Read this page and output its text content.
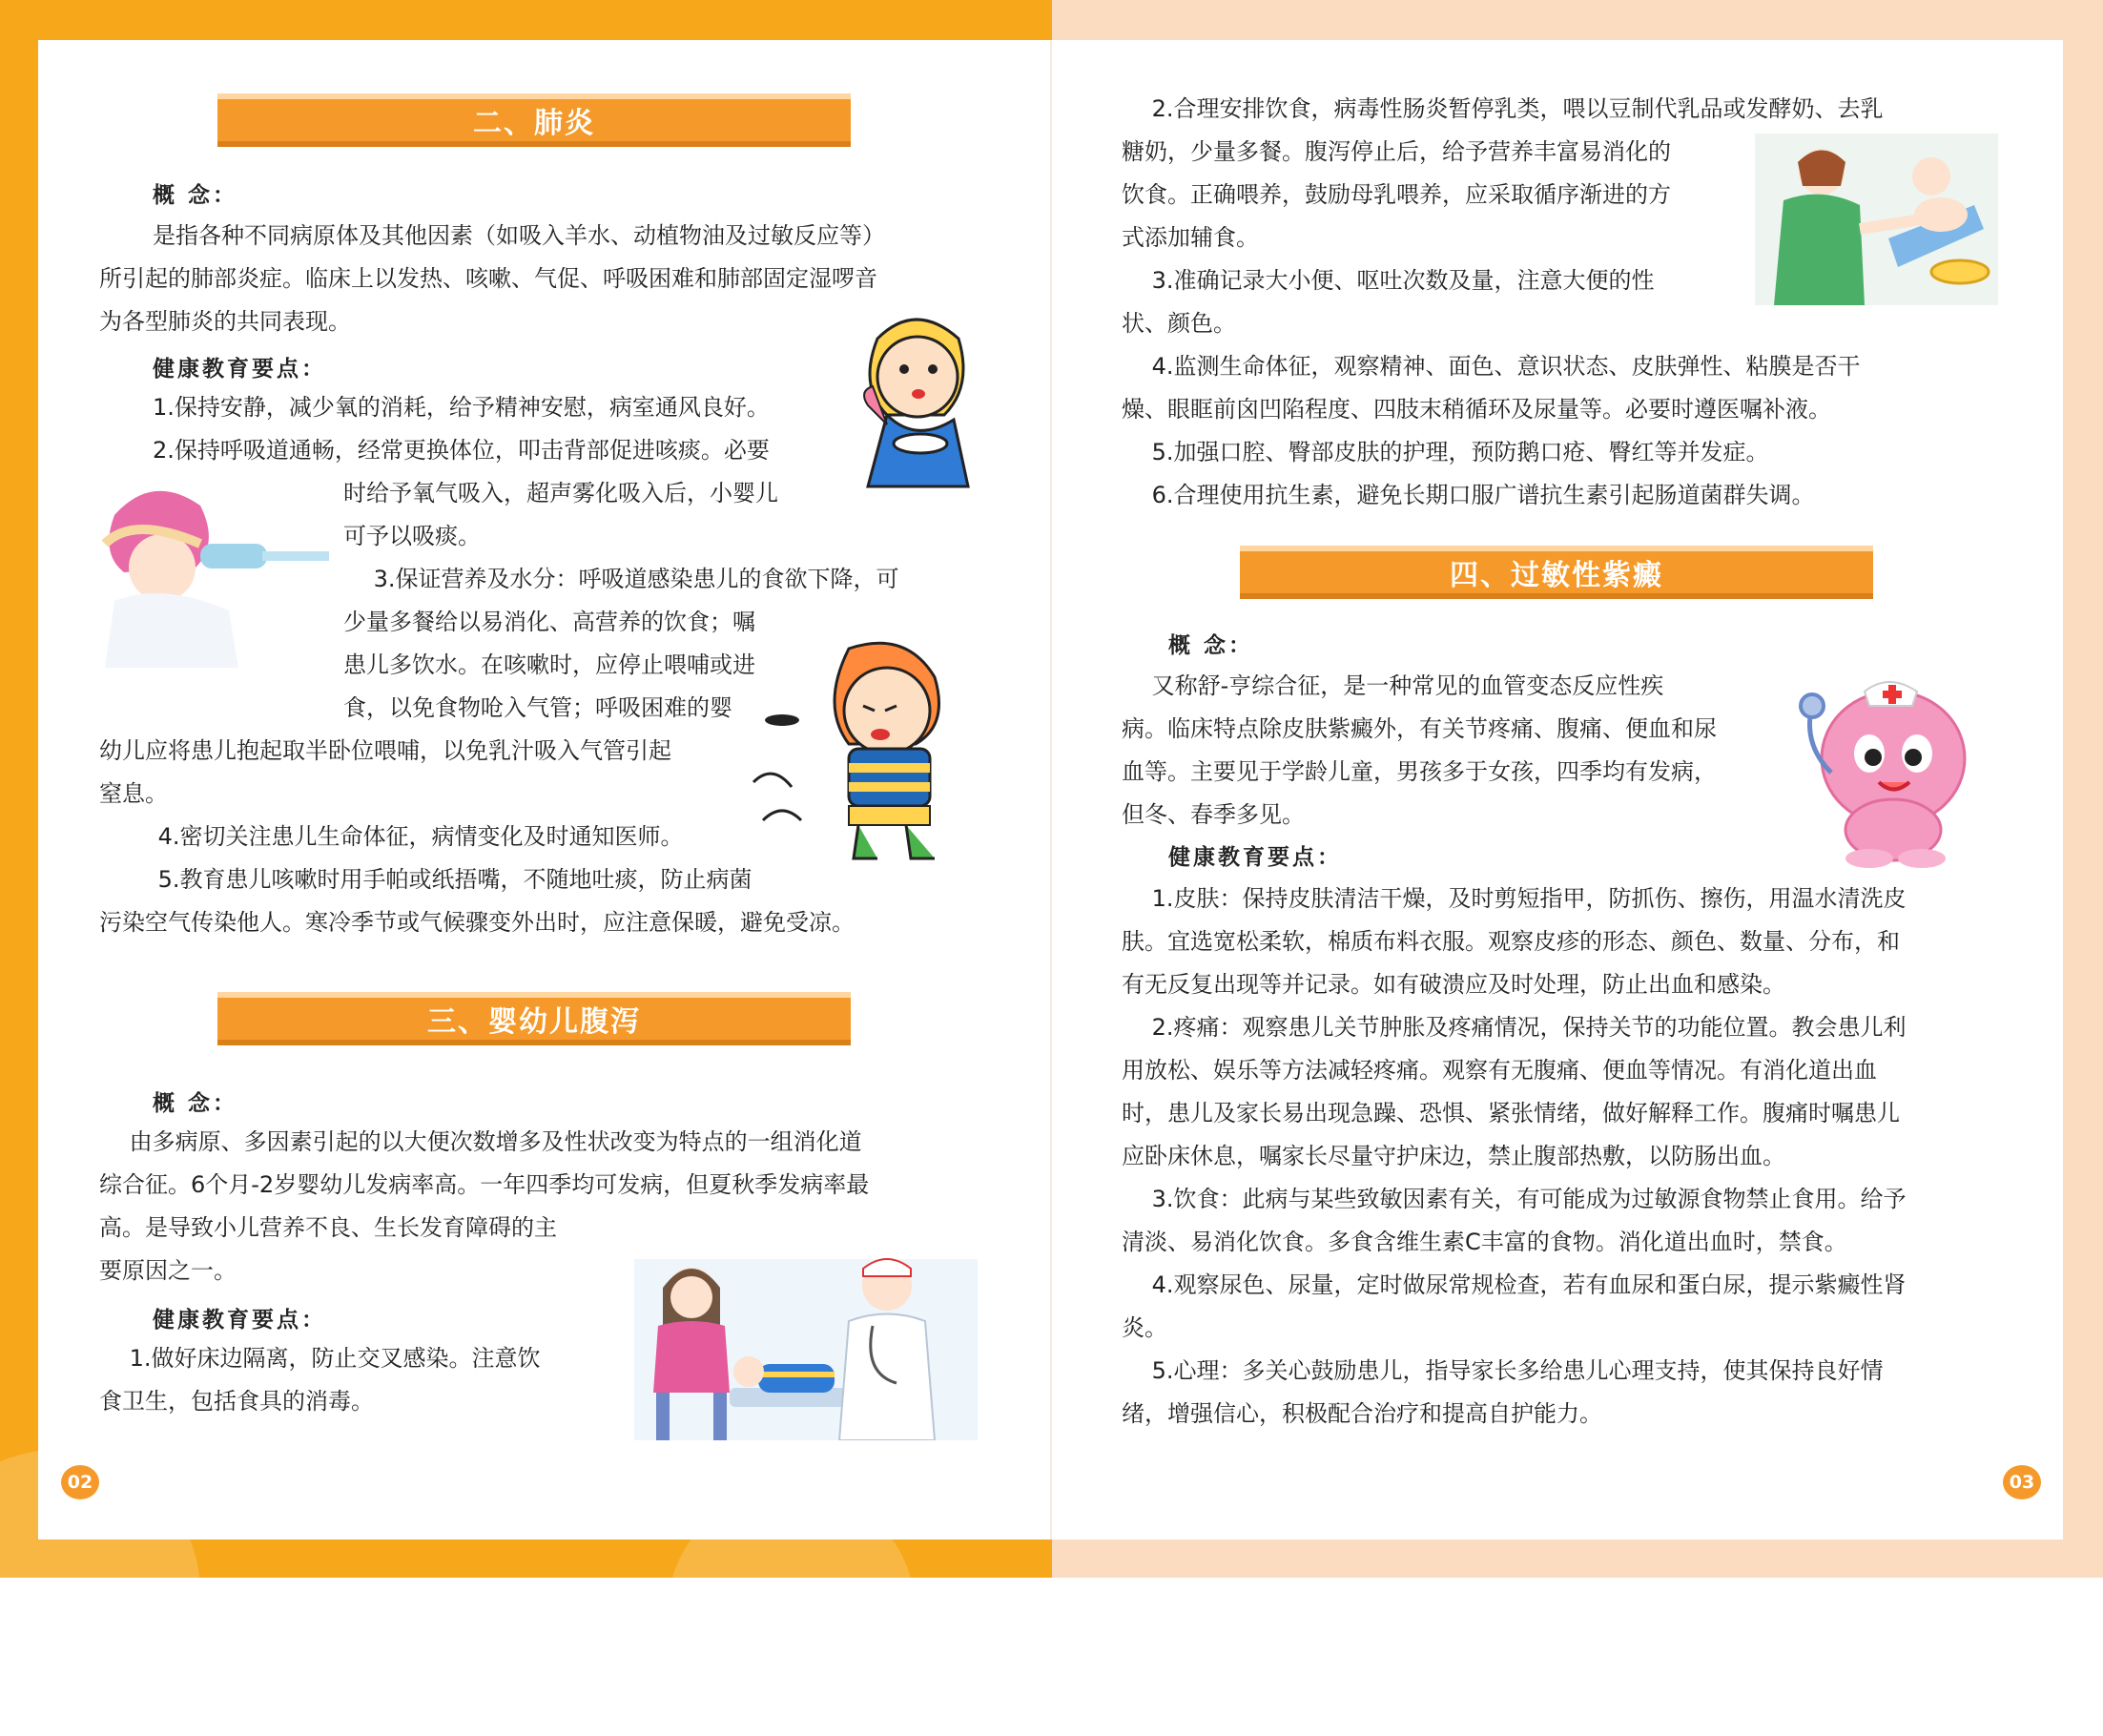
二、肺炎
概 念：

是指各种不同病原体及其他因素（如吸入羊水、动植物油及过敏反应等）

所引起的肺部炎症。临床上以发热、咳嗽、气促、呼吸困难和肺部固定湿啰音

为各型肺炎的共同表现。

健康教育要点：

1.保持安静，减少氧的消耗，给予精神安慰，病室通风良好。

2.保持呼吸道通畅，经常更换体位，叩击背部促进咳痰。必要

时给予氧气吸入，超声雾化吸入后，小婴儿

可予以吸痰。

　 3.保证营养及水分：呼吸道感染患儿的食欲下降，可

少量多餐给以易消化、高营养的饮食；嘱

患儿多饮水。在咳嗽时，应停止喂哺或进

食，以免食物呛入气管；呼吸困难的婴

幼儿应将患儿抱起取半卧位喂哺，以免乳汁吸入气管引起

窒息。

　 4.密切关注患儿生命体征，病情变化及时通知医师。

　 5.教育患儿咳嗽时用手帕或纸捂嘴，不随地吐痰，防止病菌

污染空气传染他人。寒冷季节或气候骤变外出时，应注意保暖，避免受凉。

三、婴幼儿腹泻
概 念：

　 由多病原、多因素引起的以大便次数增多及性状改变为特点的一组消化道

综合征。6个月-2岁婴幼儿发病率高。一年四季均可发病，但夏秋季发病率最

高。是导致小儿营养不良、生长发育障碍的主

要原因之一。

健康教育要点：

　 1.做好床边隔离，防止交叉感染。注意饮

食卫生，包括食具的消毒。

02

　 2.合理安排饮食，病毒性肠炎暂停乳类，喂以豆制代乳品或发酵奶、去乳

糖奶，少量多餐。腹泻停止后，给予营养丰富易消化的

饮食。正确喂养，鼓励母乳喂养，应采取循序渐进的方

式添加辅食。

　 3.准确记录大小便、呕吐次数及量，注意大便的性

状、颜色。

　 4.监测生命体征，观察精神、面色、意识状态、皮肤弹性、粘膜是否干

燥、眼眶前囟凹陷程度、四肢末稍循环及尿量等。必要时遵医嘱补液。

　 5.加强口腔、臀部皮肤的护理，预防鹅口疮、臀红等并发症。

　 6.合理使用抗生素，避免长期口服广谱抗生素引起肠道菌群失调。

四、过敏性紫癜
概 念：

　 又称舒-亨综合征，是一种常见的血管变态反应性疾

病。临床特点除皮肤紫癜外，有关节疼痛、腹痛、便血和尿

血等。主要见于学龄儿童，男孩多于女孩，四季均有发病，

但冬、春季多见。

健康教育要点：

　 1.皮肤：保持皮肤清洁干燥，及时剪短指甲，防抓伤、擦伤，用温水清洗皮

肤。宜选宽松柔软，棉质布料衣服。观察皮疹的形态、颜色、数量、分布，和

有无反复出现等并记录。如有破溃应及时处理，防止出血和感染。

　 2.疼痛：观察患儿关节肿胀及疼痛情况，保持关节的功能位置。教会患儿利

用放松、娱乐等方法减轻疼痛。观察有无腹痛、便血等情况。有消化道出血

时，患儿及家长易出现急躁、恐惧、紧张情绪，做好解释工作。腹痛时嘱患儿

应卧床休息，嘱家长尽量守护床边，禁止腹部热敷，以防肠出血。

　 3.饮食：此病与某些致敏因素有关，有可能成为过敏源食物禁止食用。给予

清淡、易消化饮食。多食含维生素C丰富的食物。消化道出血时，禁食。

　 4.观察尿色、尿量，定时做尿常规检查，若有血尿和蛋白尿，提示紫癜性肾

炎。

　 5.心理：多关心鼓励患儿，指导家长多给患儿心理支持，使其保持良好情

绪，增强信心，积极配合治疗和提高自护能力。

03
